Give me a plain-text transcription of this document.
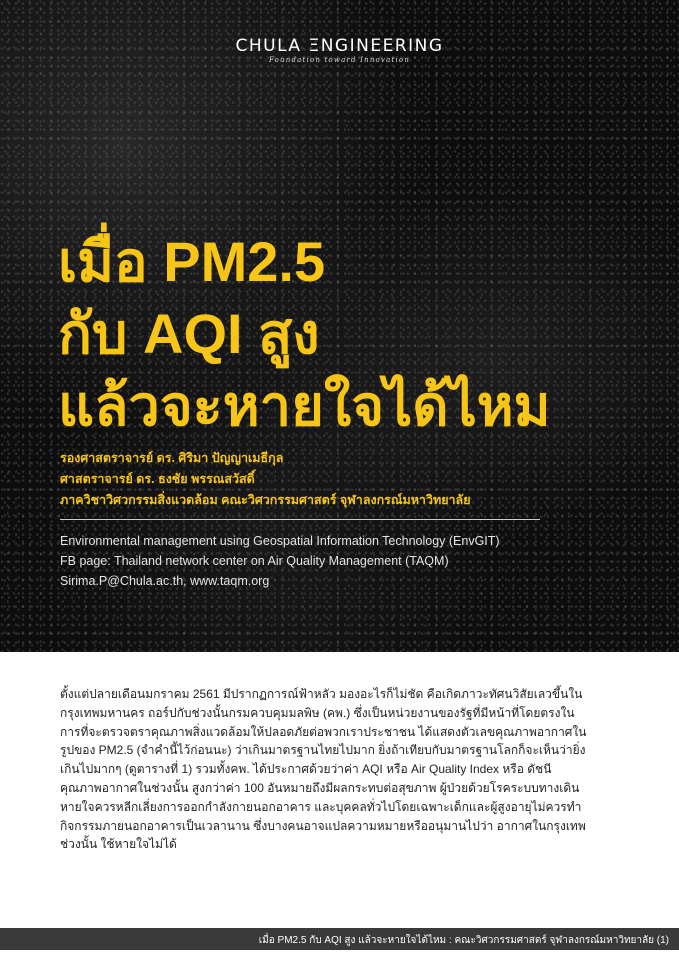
CHULA ΞNGINEERING
Foundation toward Innovation
เมื่อ PM2.5
กับ AQI สูง
แล้วจะหายใจได้ไหม
รองศาสตราจารย์ ดร. ศิริมา ปัญญาเมธีกุล
ศาสตราจารย์ ดร. ธงชัย พรรณสวัสดิ์
ภาควิชาวิศวกรรมสิ่งแวดล้อม คณะวิศวกรรมศาสตร์ จุฬาลงกรณ์มหาวิทยาลัย
Environmental management using Geospatial Information Technology (EnvGIT)
FB page: Thailand network center on Air Quality Management (TAQM)
Sirima.P@Chula.ac.th, www.taqm.org

ตั้งแต่ปลายเดือนมกราคม 2561 มีปรากฏการณ์ฟ้าหลัว มองอะไรก็ไม่ชัด คือเกิดภาวะทัศนวิสัยเลวขึ้นใน

กรุงเทพมหานคร ถอร์ปกับช่วงนั้นกรมควบคุมมลพิษ (คพ.) ซึ่งเป็นหน่วยงานของรัฐที่มีหน้าที่โดยตรงใน

การที่จะตรวจตราคุณภาพสิ่งแวดล้อมให้ปลอดภัยต่อพวกเราประชาชน ได้แสดงตัวเลขคุณภาพอากาศใน

รูปของ PM2.5 (จำคำนี้ไว้ก่อนนะ) ว่าเกินมาตรฐานไทยไปมาก ยิ่งถ้าเทียบกับมาตรฐานโลกก็จะเห็นว่ายิ่ง

เกินไปมากๆ (ดูตารางที่ 1) รวมทั้งคพ. ได้ประกาศด้วยว่าค่า AQI หรือ Air Quality Index หรือ ดัชนี

คุณภาพอากาศในช่วงนั้น สูงกว่าค่า 100 อันหมายถึงมีผลกระทบต่อสุขภาพ ผู้ป่วยด้วยโรคระบบทางเดิน

หายใจควรหลีกเลี่ยงการออกกำลังกายนอกอาคาร และบุคคลทั่วไปโดยเฉพาะเด็กและผู้สูงอายุไม่ควรทำ

กิจกรรมภายนอกอาคารเป็นเวลานาน ซึ่งบางคนอาจแปลความหมายหรืออนุมานไปว่า อากาศในกรุงเทพ

ช่วงนั้น ใช้หายใจไม่ได้

เมื่อ PM2.5 กับ AQI สูง แล้วจะหายใจได้ไหม : คณะวิศวกรรมศาสตร์ จุฬาลงกรณ์มหาวิทยาลัย (1)
